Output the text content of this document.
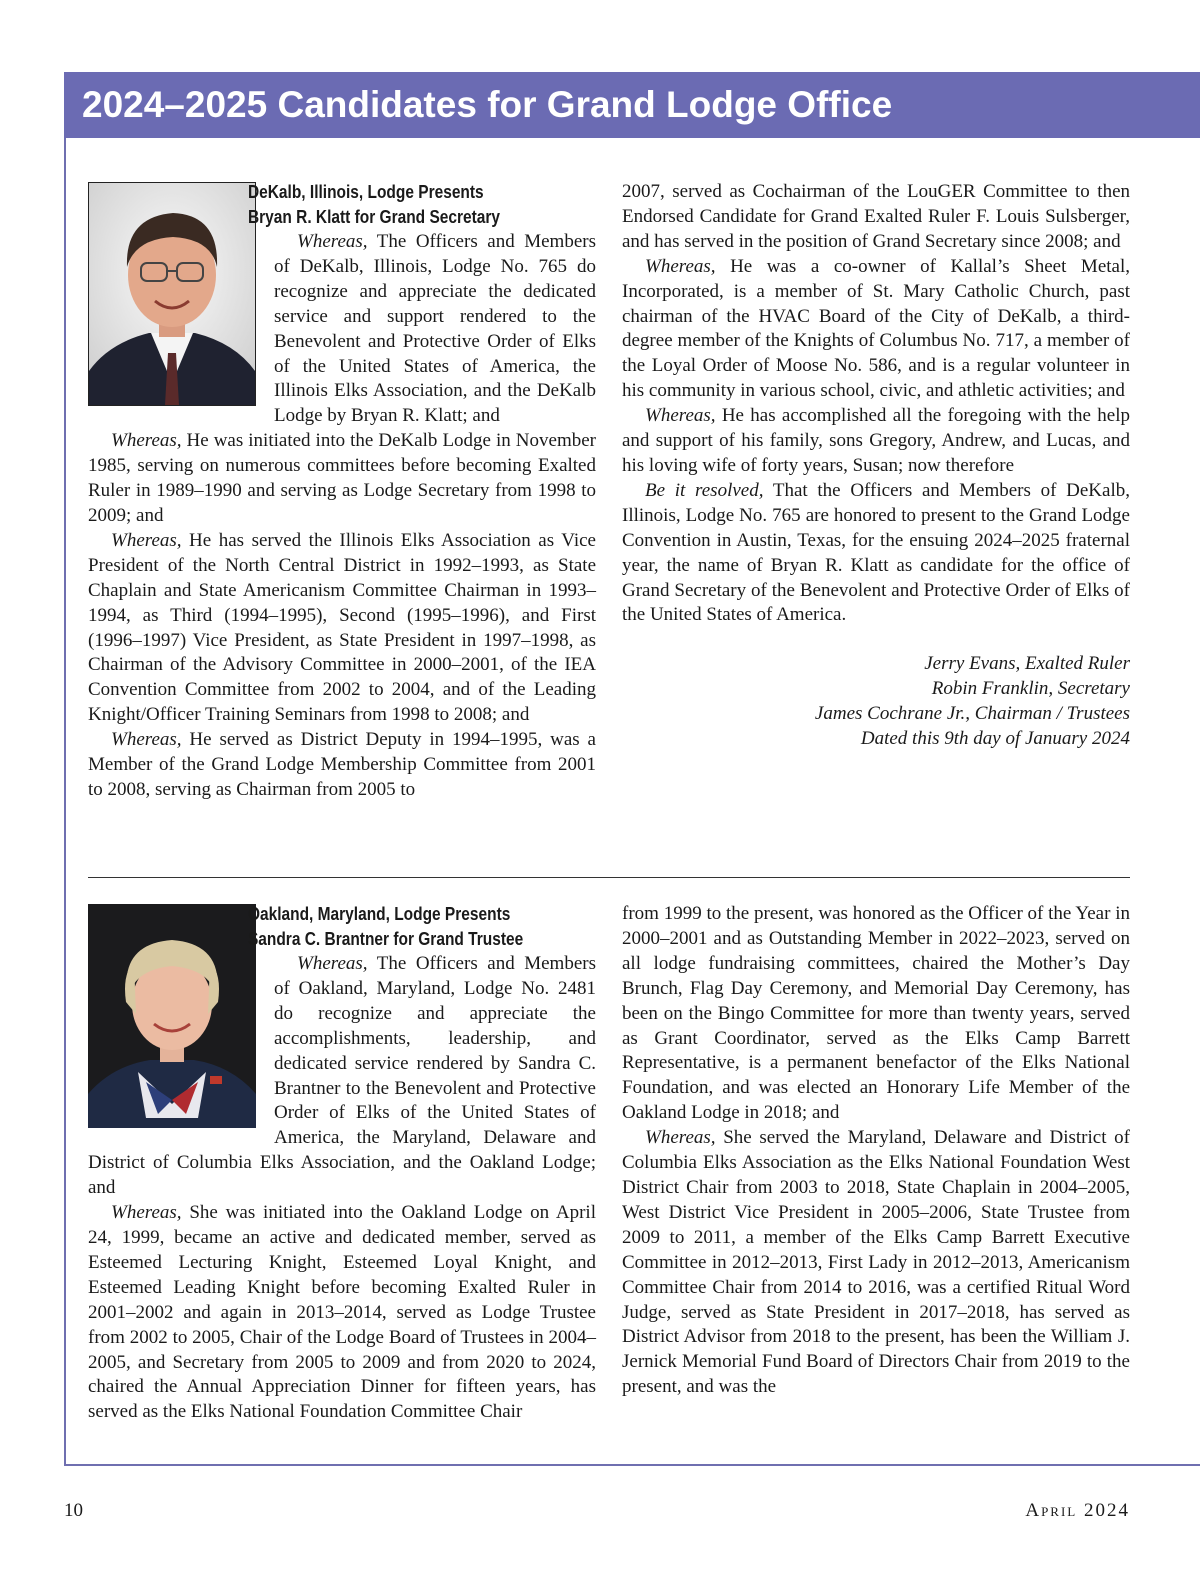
2024–2025 Candidates for Grand Lodge Office
DeKalb, Illinois, Lodge Presents
Bryan R. Klatt for Grand Secretary

Whereas, The Officers and Members of DeKalb, Illinois, Lodge No. 765 do recognize and appreciate the dedicated service and support rendered to the Benevolent and Protective Order of Elks of the United States of America, the Illinois Elks Association, and the DeKalb Lodge by Bryan R. Klatt; and

Whereas, He was initiated into the DeKalb Lodge in November 1985, serving on numerous committees before becoming Exalted Ruler in 1989–1990 and serving as Lodge Secretary from 1998 to 2009; and

Whereas, He has served the Illinois Elks Association as Vice President of the North Central District in 1992–1993, as State Chaplain and State Americanism Committee Chairman in 1993–1994, as Third (1994–1995), Second (1995–1996), and First (1996–1997) Vice President, as State President in 1997–1998, as Chairman of the Advisory Committee in 2000–2001, of the IEA Convention Committee from 2002 to 2004, and of the Leading Knight/Officer Training Seminars from 1998 to 2008; and

Whereas, He served as District Deputy in 1994–1995, was a Member of the Grand Lodge Membership Committee from 2001 to 2008, serving as Chairman from 2005 to

2007, served as Cochairman of the LouGER Committee to then Endorsed Candidate for Grand Exalted Ruler F. Louis Sulsberger, and has served in the position of Grand Secretary since 2008; and

Whereas, He was a co-owner of Kallal’s Sheet Metal, Incorporated, is a member of St. Mary Catholic Church, past chairman of the HVAC Board of the City of DeKalb, a third-degree member of the Knights of Columbus No. 717, a member of the Loyal Order of Moose No. 586, and is a regular volunteer in his community in various school, civic, and athletic activities; and

Whereas, He has accomplished all the foregoing with the help and support of his family, sons Gregory, Andrew, and Lucas, and his loving wife of forty years, Susan; now therefore

Be it resolved, That the Officers and Members of DeKalb, Illinois, Lodge No. 765 are honored to present to the Grand Lodge Convention in Austin, Texas, for the ensuing 2024–2025 fraternal year, the name of Bryan R. Klatt as candidate for the office of Grand Secretary of the Benevolent and Protective Order of Elks of the United States of America.

Jerry Evans, Exalted Ruler
Robin Franklin, Secretary
James Cochrane Jr., Chairman / Trustees
Dated this 9th day of January 2024
Oakland, Maryland, Lodge Presents
Sandra C. Brantner for Grand Trustee

Whereas, The Officers and Members of Oakland, Maryland, Lodge No. 2481 do recognize and appreciate the accomplishments, leadership, and dedicated service rendered by Sandra C. Brantner to the Benevolent and Protective Order of Elks of the United States of America, the Maryland, Delaware and District of Columbia Elks Association, and the Oakland Lodge; and

Whereas, She was initiated into the Oakland Lodge on April 24, 1999, became an active and dedicated member, served as Esteemed Lecturing Knight, Esteemed Loyal Knight, and Esteemed Leading Knight before becoming Exalted Ruler in 2001–2002 and again in 2013–2014, served as Lodge Trustee from 2002 to 2005, Chair of the Lodge Board of Trustees in 2004–2005, and Secretary from 2005 to 2009 and from 2020 to 2024, chaired the Annual Appreciation Dinner for fifteen years, has served as the Elks National Foundation Committee Chair

from 1999 to the present, was honored as the Officer of the Year in 2000–2001 and as Outstanding Member in 2022–2023, served on all lodge fundraising committees, chaired the Mother’s Day Brunch, Flag Day Ceremony, and Memorial Day Ceremony, has been on the Bingo Committee for more than twenty years, served as Grant Coordinator, served as the Elks Camp Barrett Representative, is a permanent benefactor of the Elks National Foundation, and was elected an Honorary Life Member of the Oakland Lodge in 2018; and

Whereas, She served the Maryland, Delaware and District of Columbia Elks Association as the Elks National Foundation West District Chair from 2003 to 2018, State Chaplain in 2004–2005, West District Vice President in 2005–2006, State Trustee from 2009 to 2011, a member of the Elks Camp Barrett Executive Committee in 2012–2013, First Lady in 2012–2013, Americanism Committee Chair from 2014 to 2016, was a certified Ritual Word Judge, served as State President in 2017–2018, has served as District Advisor from 2018 to the present, has been the William J. Jernick Memorial Fund Board of Directors Chair from 2019 to the present, and was the

10	April 2024
